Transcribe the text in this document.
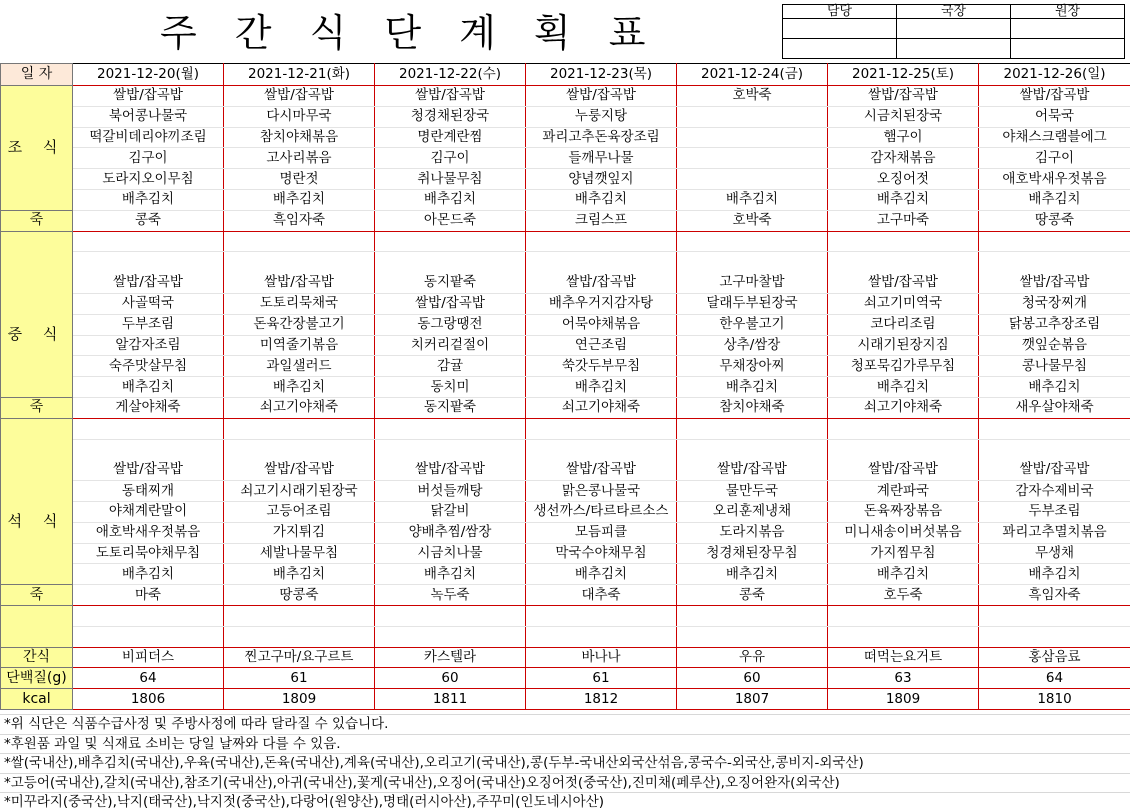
주 간 식 단 계 획 표	담당	국장	원장

일 자	2021-12-20(월)	2021-12-21(화)	2021-12-22(수)	2021-12-23(목)	2021-12-24(금)	2021-12-25(토)	2021-12-26(일)
조 식	쌀밥/잡곡밥	쌀밥/잡곡밥	쌀밥/잡곡밥	쌀밥/잡곡밥	호박죽	쌀밥/잡곡밥	쌀밥/잡곡밥
	북어콩나물국	다시마무국	청경채된장국	누룽지탕		시금치된장국	어묵국
	떡갈비데리야끼조림	참치야채볶음	명란계란찜	꽈리고추돈육장조림		햄구이	야채스크램블에그
	김구이	고사리볶음	김구이	들깨무나물		감자채볶음	김구이
	도라지오이무침	명란젓	취나물무침	양념깻잎지		오징어젓	애호박새우젓볶음
	배추김치	배추김치	배추김치	배추김치	배추김치	배추김치	배추김치
죽	콩죽	흑임자죽	아몬드죽	크림스프	호박죽	고구마죽	땅콩죽

중 식	쌀밥/잡곡밥	쌀밥/잡곡밥	동지팥죽	쌀밥/잡곡밥	고구마찰밥	쌀밥/잡곡밥	쌀밥/잡곡밥
	사골떡국	도토리묵채국	쌀밥/잡곡밥	배추우거지감자탕	달래두부된장국	쇠고기미역국	청국장찌개
	두부조림	돈육간장불고기	동그랑땡전	어묵야채볶음	한우불고기	코다리조림	닭봉고추장조림
	알감자조림	미역줄기볶음	치커리겉절이	연근조림	상추/쌈장	시래기된장지짐	깻잎순볶음
	숙주맛살무침	과일샐러드	감귤	쑥갓두부무침	무채장아찌	청포묵김가루무침	콩나물무침
	배추김치	배추김치	동치미	배추김치	배추김치	배추김치	배추김치
죽	게살야채죽	쇠고기야채죽	동지팥죽	쇠고기야채죽	참치야채죽	쇠고기야채죽	새우살야채죽

석 식	쌀밥/잡곡밥	쌀밥/잡곡밥	쌀밥/잡곡밥	쌀밥/잡곡밥	쌀밥/잡곡밥	쌀밥/잡곡밥	쌀밥/잡곡밥
	동태찌개	쇠고기시래기된장국	버섯들깨탕	맑은콩나물국	물만두국	계란파국	감자수제비국
	야채계란말이	고등어조림	닭갈비	생선까스/타르타르소스	오리훈제냉채	돈육짜장볶음	두부조림
	애호박새우젓볶음	가지튀김	양배추찜/쌈장	모듬피클	도라지볶음	미니새송이버섯볶음	꽈리고추멸치볶음
	도토리묵야채무침	세발나물무침	시금치나물	막국수야채무침	청경채된장무침	가지찜무침	무생채
	배추김치	배추김치	배추김치	배추김치	배추김치	배추김치	배추김치
죽	마죽	땅콩죽	녹두죽	대추죽	콩죽	호두죽	흑임자죽

간식	비피더스	찐고구마/요구르트	카스텔라	바나나	우유	떠먹는요거트	홍삼음료
단백질(g)	64	61	60	61	60	63	64
kcal	1806	1809	1811	1812	1807	1809	1810
*위 식단은 식품수급사정 및 주방사정에 따라 달라질 수 있습니다.
*후원품 과일 및 식재료 소비는 당일 날짜와 다를 수 있음.
*쌀(국내산),배추김치(국내산),우육(국내산),돈육(국내산),계육(국내산),오리고기(국내산),콩(두부-국내산외국산섞음,콩국수-외국산,콩비지-외국산)
*고등어(국내산),갈치(국내산),참조기(국내산),아귀(국내산),꽃게(국내산),오징어(국내산)오징어젓(중국산),진미채(페루산),오징어완자(외국산)
*미꾸라지(중국산),낙지(태국산),낙지젓(중국산),다랑어(원양산),명태(러시아산),주꾸미(인도네시아산)
